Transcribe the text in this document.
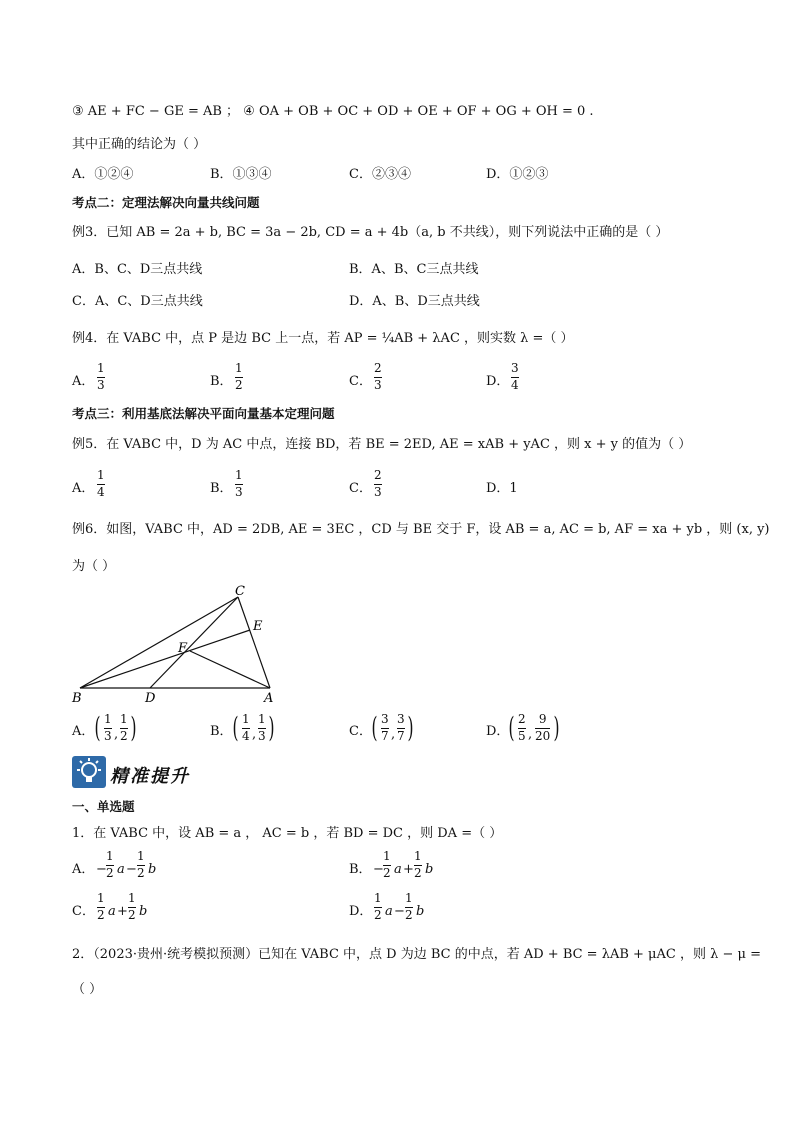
③ AE + FC − GE = AB ； ④ OA + OB + OC + OD + OE + OF + OG + OH = 0 .
其中正确的结论为（ ）
A．①②④	B．①③④	C．②③④	D．①②③
考点二：定理法解决向量共线问题
例3．已知 AB = 2a + b, BC = 3a − 2b, CD = a + 4b（a, b 不共线），则下列说法中正确的是（ ）
A．B、C、D三点共线	B．A、B、C三点共线
C．A、C、D三点共线	D．A、B、D三点共线
例4．在 VABC 中，点 P 是边 BC 上一点，若 AP = ¼AB + λAC ，则实数 λ =（ ）
A．
1
3	B．
1
2	C．
2
3	D．
3
4
考点三：利用基底法解决平面向量基本定理问题
例5．在 VABC 中，D 为 AC 中点，连接 BD，若 BE = 2ED, AE = xAB + yAC ，则 x + y 的值为（ ）
A．
1
4	B．
1
3	C．
2
3	D．1
例6．如图，VABC 中，AD = 2DB, AE = 3EC ，CD 与 BE 交于 F，设 AB = a, AC = b, AF = xa + yb ，则 (x, y)
为（ ）
C
E
F
B	D	A
A． ( 1
3 ,
1
2 )	B． ( 1
4 ,
1
3 )	C． ( 3
7 ,
3
7 )	D． ( 2
5 ,
9
20 )
精准提升
一、单选题
1．在 VABC 中，设 AB = a ， AC = b ，若 BD = DC ，则 DA =（ ）
A． −
1
2 a −
1
2 b	B． −
1
2 a +
1
2 b
C．
1
2 a +
1
2 b	D．
1
2 a −
1
2 b
2．（2023·贵州·统考模拟预测）已知在 VABC 中，点 D 为边 BC 的中点，若 AD + BC = λAB + μAC ，则 λ − μ =
（ ）
